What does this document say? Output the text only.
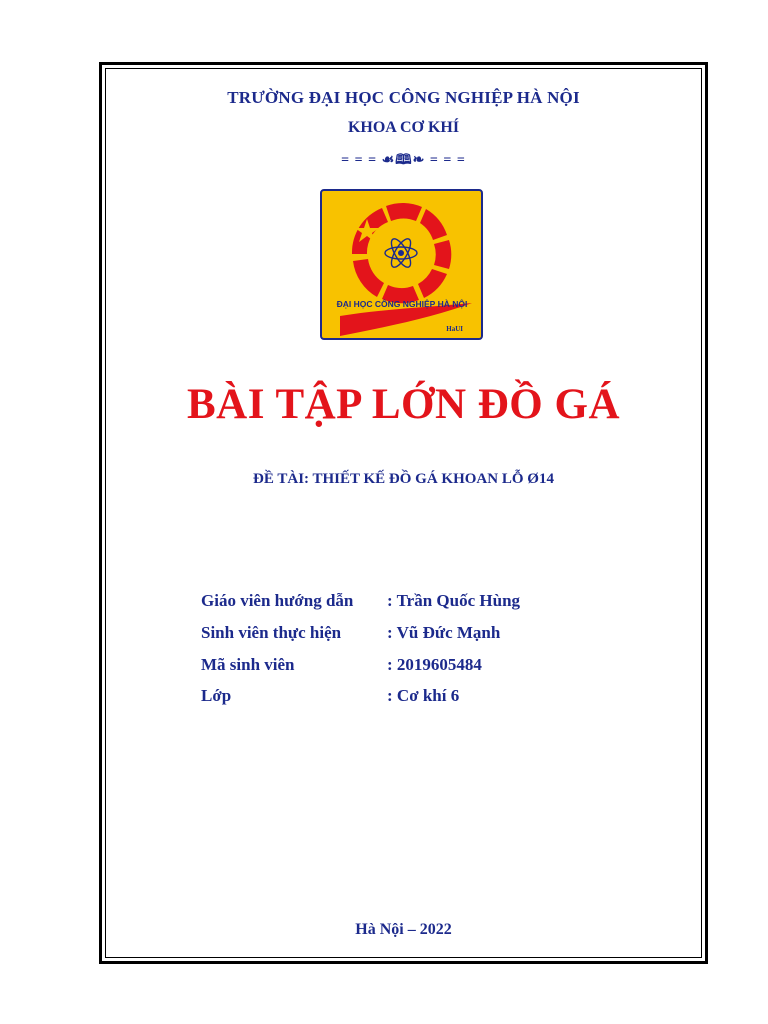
TRƯỜNG ĐẠI HỌC CÔNG NGHIỆP HÀ NỘI
KHOA CƠ KHÍ
= = = ☙🕮❧ = = =
ĐẠI HỌC CÔNG NGHIỆP HÀ NỘI
HaUI
BÀI TẬP LỚN ĐỒ GÁ
ĐỀ TÀI: THIẾT KẾ ĐỒ GÁ KHOAN LỖ Ø14
Giáo viên hướng dẫn : Trần Quốc Hùng
Sinh viên thực hiện	: Vũ Đức Mạnh
Mã sinh viên	: 2019605484
Lớp	: Cơ khí 6
Hà Nội – 2022
